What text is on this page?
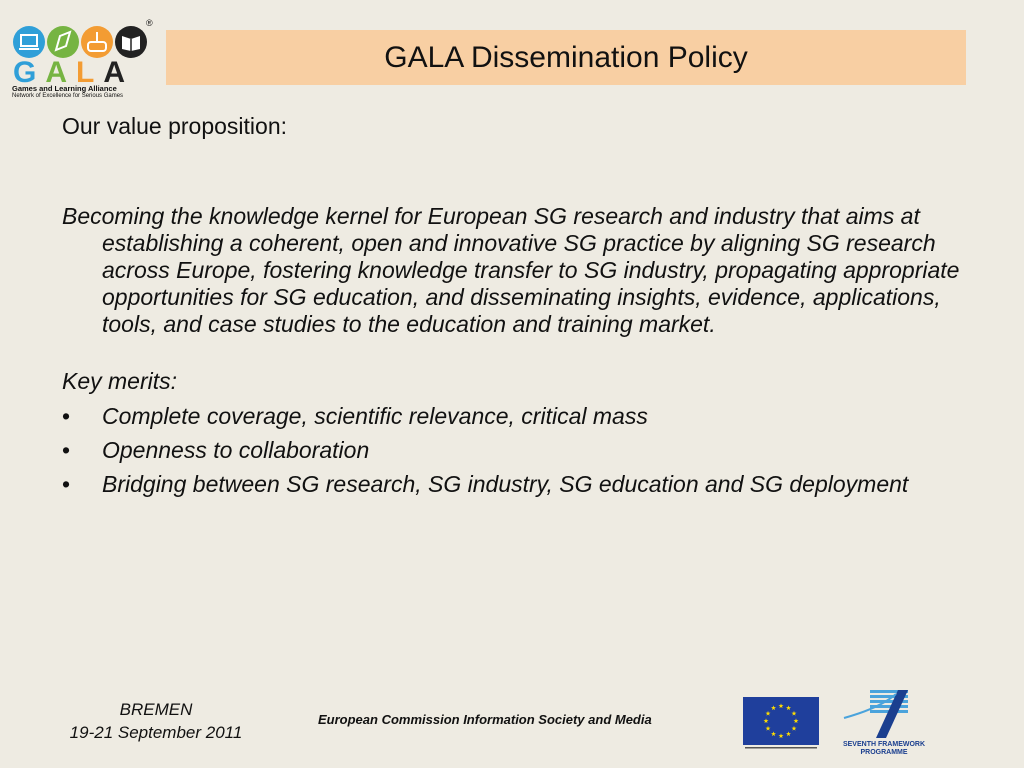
®
GALA
Games and Learning Alliance
Network of Excellence for Serious Games
GALA Dissemination Policy

Our value proposition:

Becoming the knowledge kernel for European SG research and industry that aims at establishing a coherent, open and innovative SG practice by aligning SG research across Europe, fostering knowledge transfer to SG industry, propagating appropriate opportunities for SG education, and disseminating insights, evidence, applications, tools, and case studies to the education and training market.

Key merits:

• Complete coverage, scientific relevance, critical mass
• Openness to collaboration
• Bridging between SG research, SG industry, SG education and SG deployment
BREMEN
19-21 September 2011
European Commission Information Society and Media
SEVENTH FRAMEWORK
PROGRAMME
